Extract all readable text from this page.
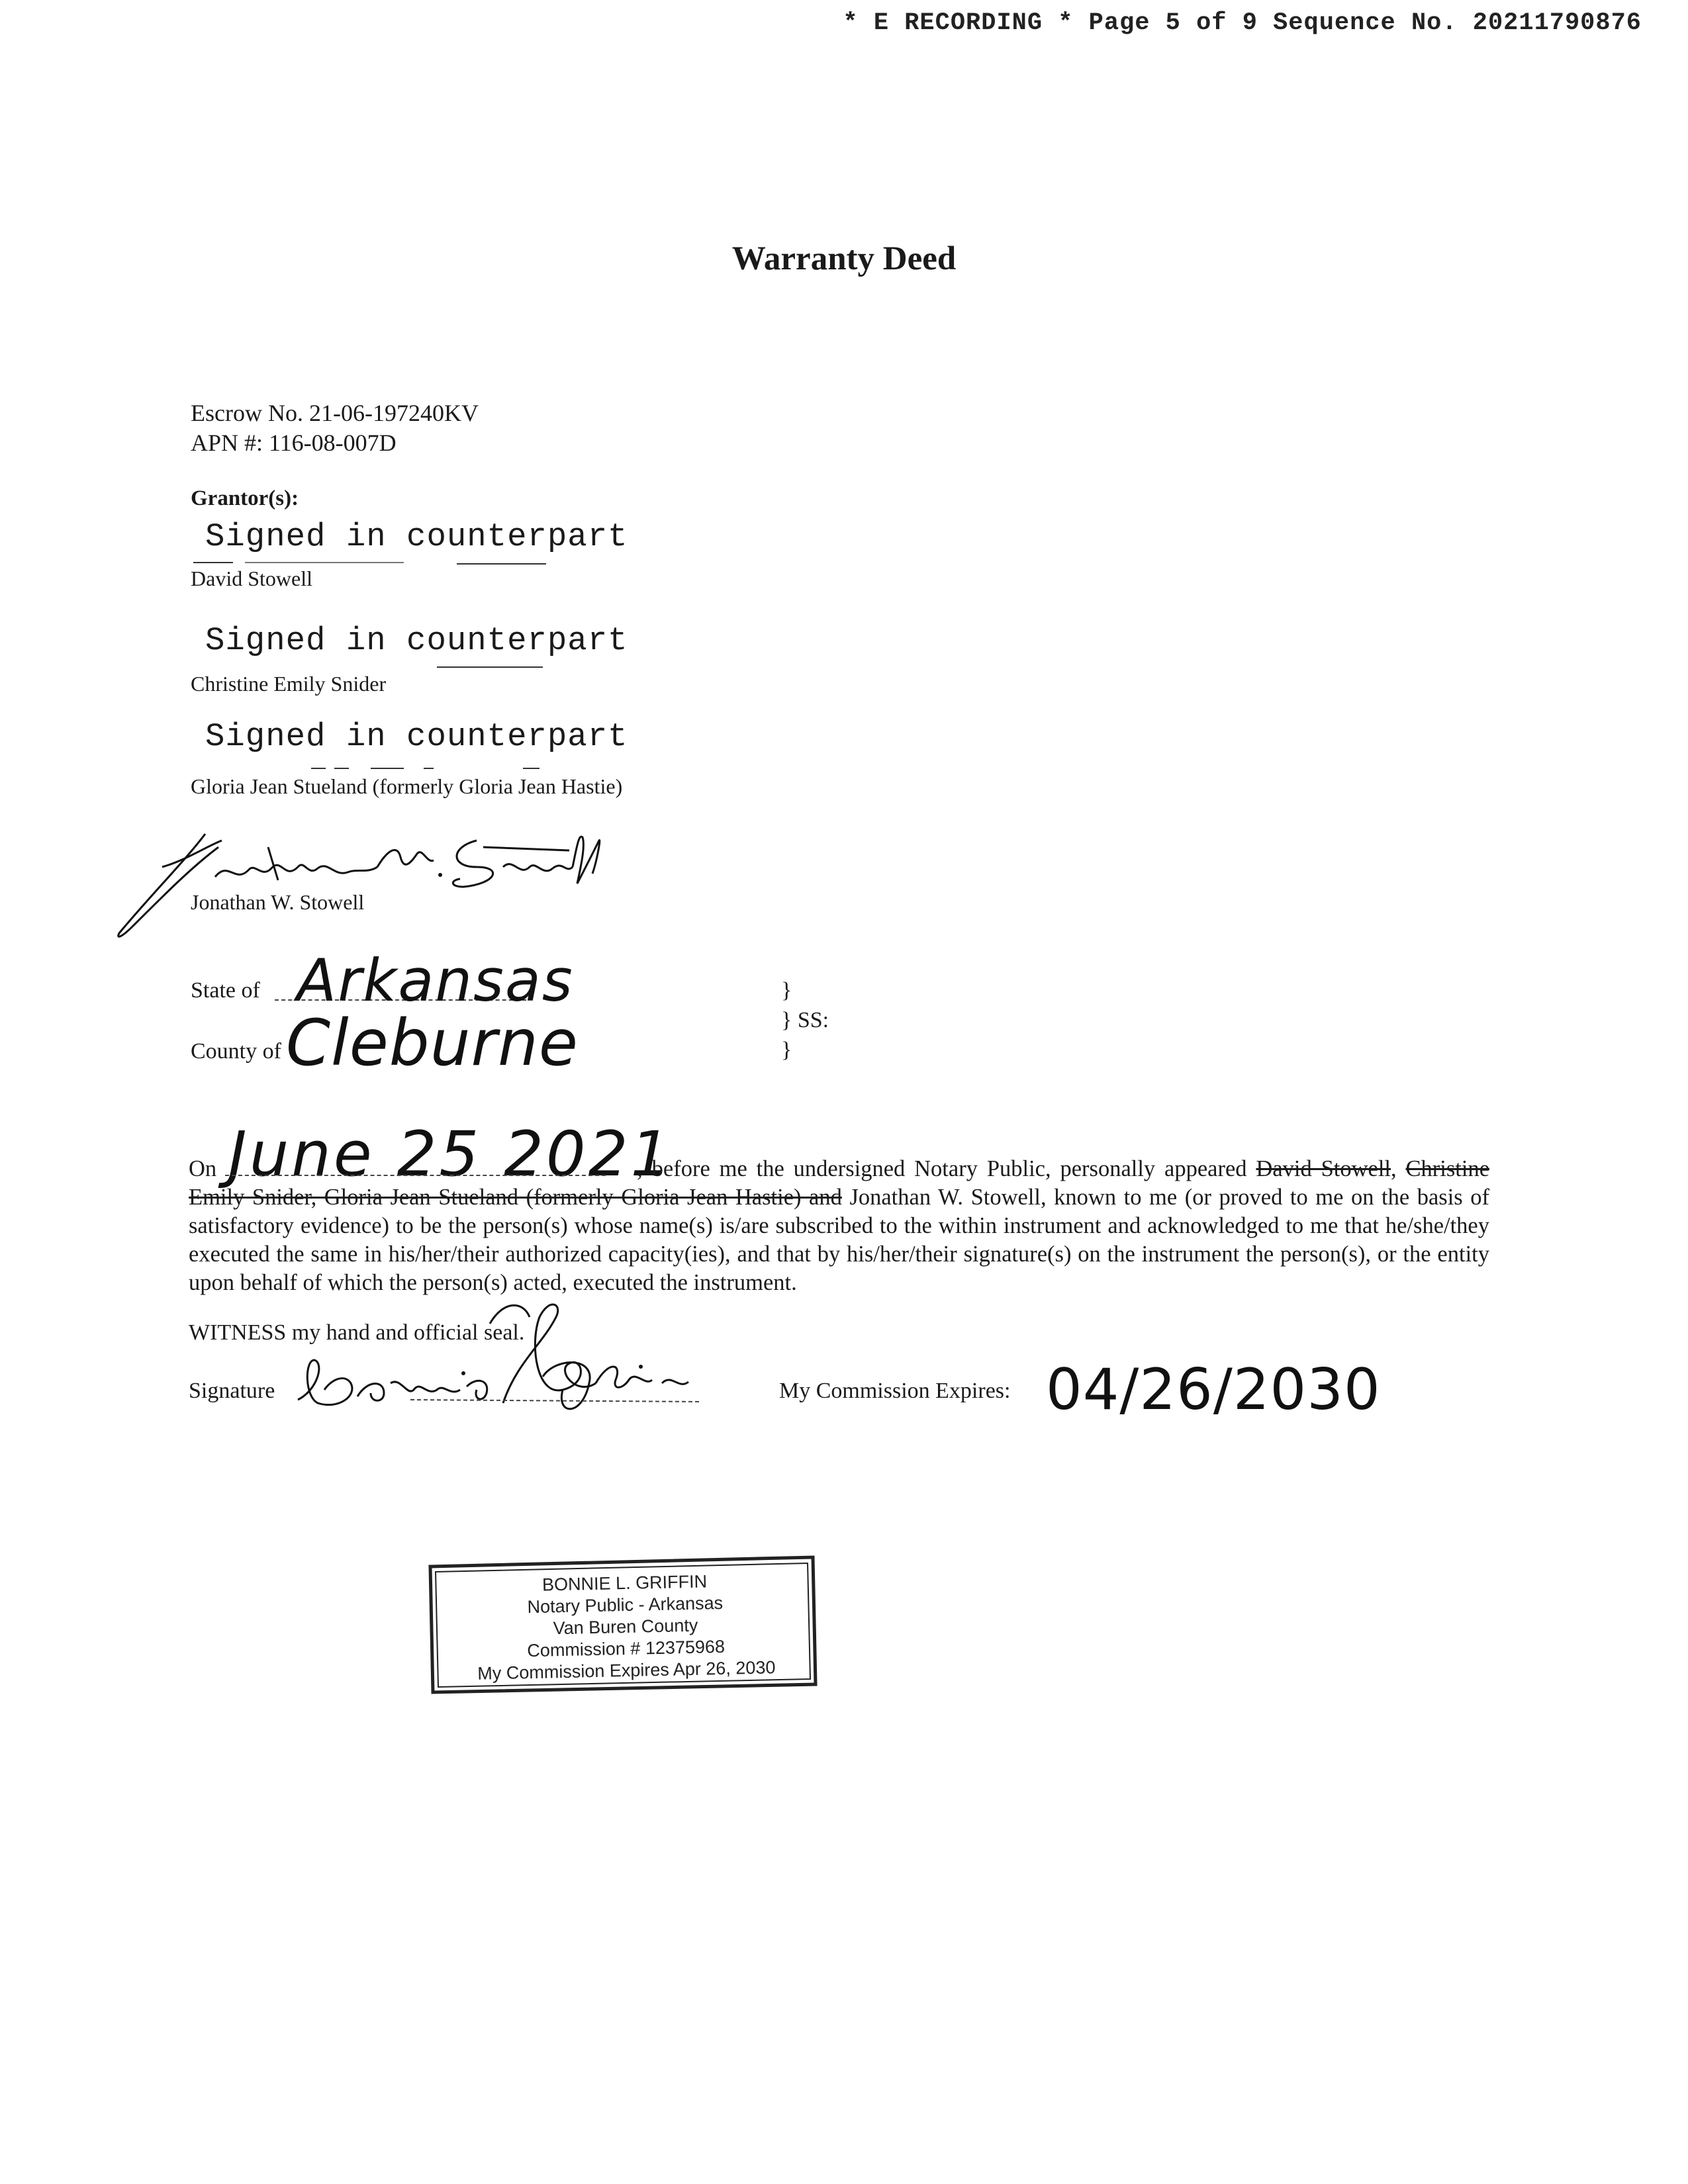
* E RECORDING * Page 5 of 9 Sequence No. 20211790876
Warranty Deed
Escrow No. 21-06-197240KV
APN #: 116-08-007D
Grantor(s):
Signed in counterpart
David Stowell
Signed in counterpart
Christine Emily Snider
Signed in counterpart
Gloria Jean Stueland (formerly Gloria Jean Hastie)
Jonathan W. Stowell
State of Arkansas
County of Cleburne
}
} SS:
}
June 25 2021
On	, before me the undersigned Notary Public, personally appeared David Stowell, Christine Emily Snider, Gloria Jean Stueland (formerly Gloria Jean Hastie) and Jonathan W. Stowell, known to me (or proved to me on the basis of satisfactory evidence) to be the person(s) whose name(s) is/are subscribed to the within instrument and acknowledged to me that he/she/they executed the same in his/her/their authorized capacity(ies), and that by his/her/their signature(s) on the instrument the person(s), or the entity upon behalf of which the person(s) acted, executed the instrument.
WITNESS my hand and official seal.
Signature	My Commission Expires: 04/26/2030
BONNIE L. GRIFFIN
Notary Public - Arkansas
Van Buren County
Commission # 12375968
My Commission Expires Apr 26, 2030
